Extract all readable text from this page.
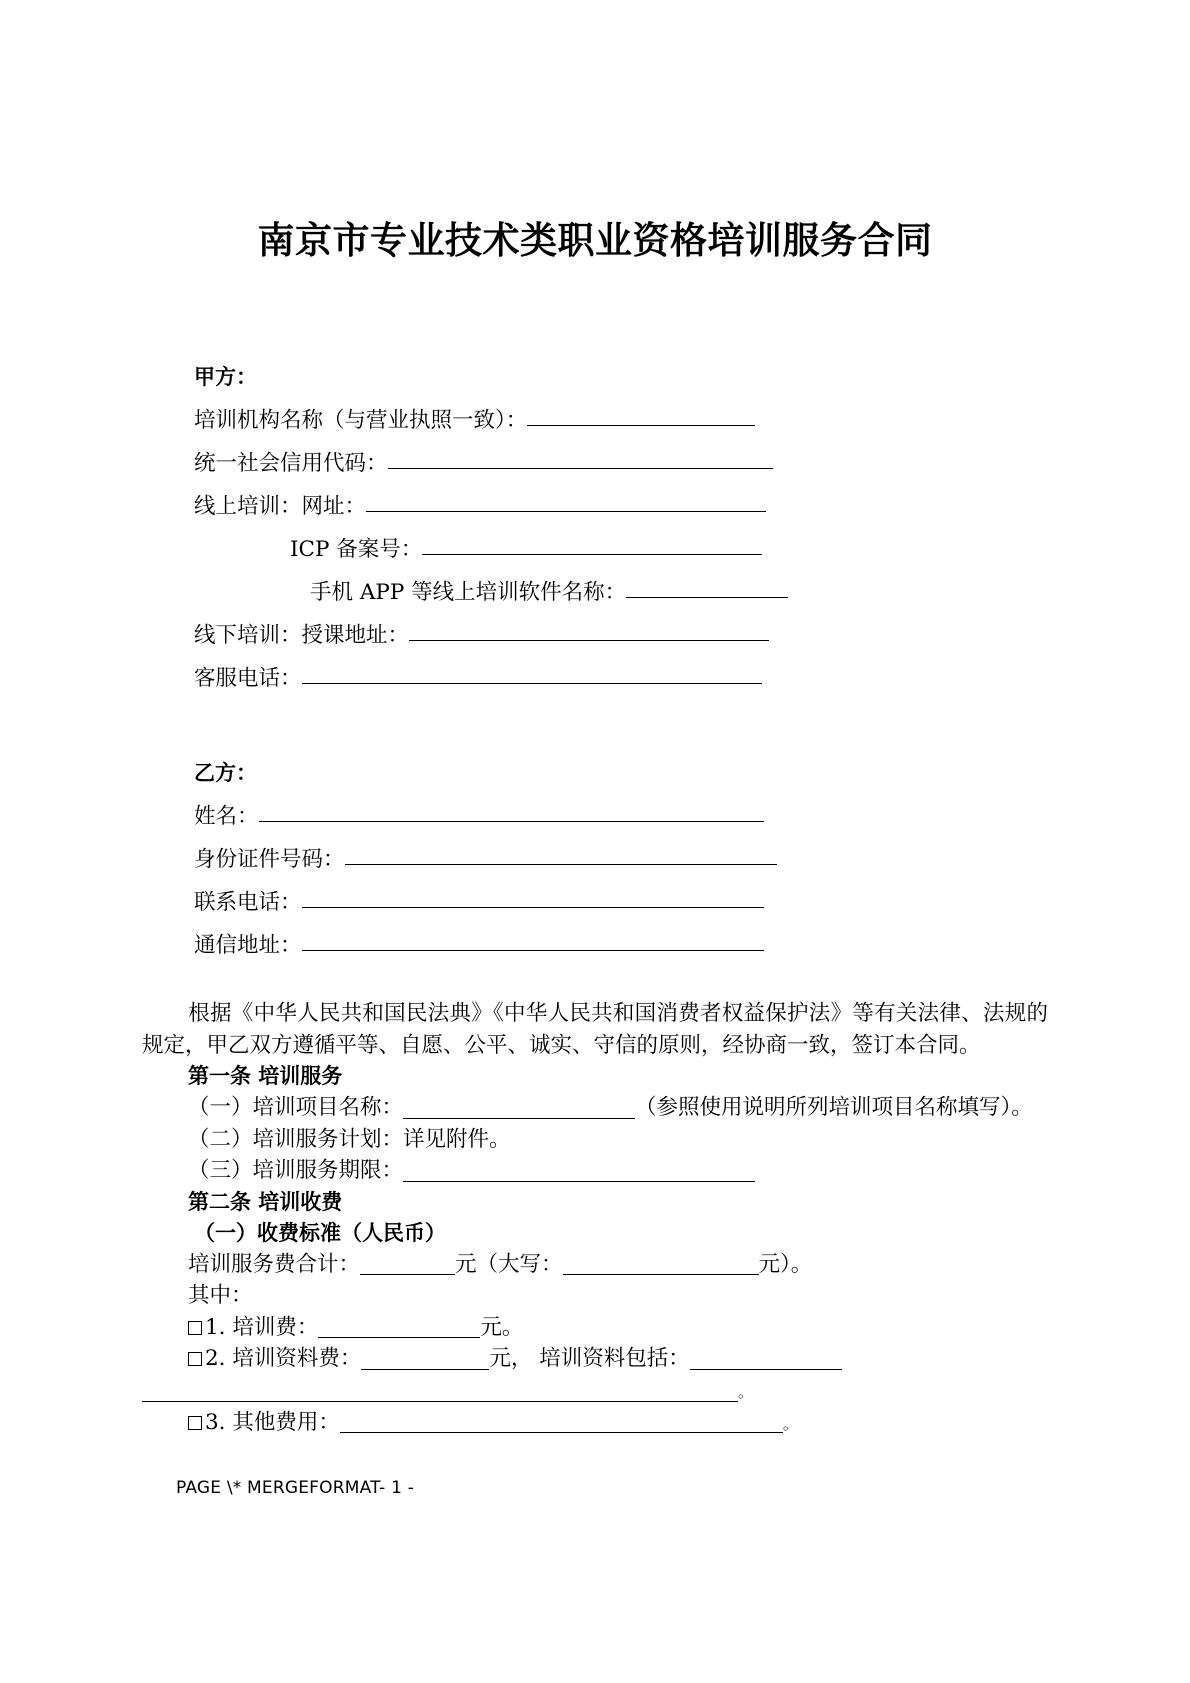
南京市专业技术类职业资格培训服务合同
甲方：
培训机构名称（与营业执照一致）：
统一社会信用代码：
线上培训：网址：
ICP 备案号：
手机 APP 等线上培训软件名称：
线下培训：授课地址：
客服电话：
乙方：
姓名：
身份证件号码：
联系电话：
通信地址：
根据《中华人民共和国民法典》《中华人民共和国消费者权益保护法》等有关法律、法规的规定，甲乙双方遵循平等、自愿、公平、诚实、守信的原则，经协商一致，签订本合同。
第一条 培训服务
（一）培训项目名称：	（参照使用说明所列培训项目名称填写）。
（二）培训服务计划：详见附件。
（三）培训服务期限：
第二条 培训收费
（一）收费标准（人民币）
培训服务费合计：	元（大写：	元）。
其中：
1. 培训费：	元。
2. 培训资料费：	元， 培训资料包括：
。
3. 其他费用：	。
PAGE \* MERGEFORMAT- 1 -
